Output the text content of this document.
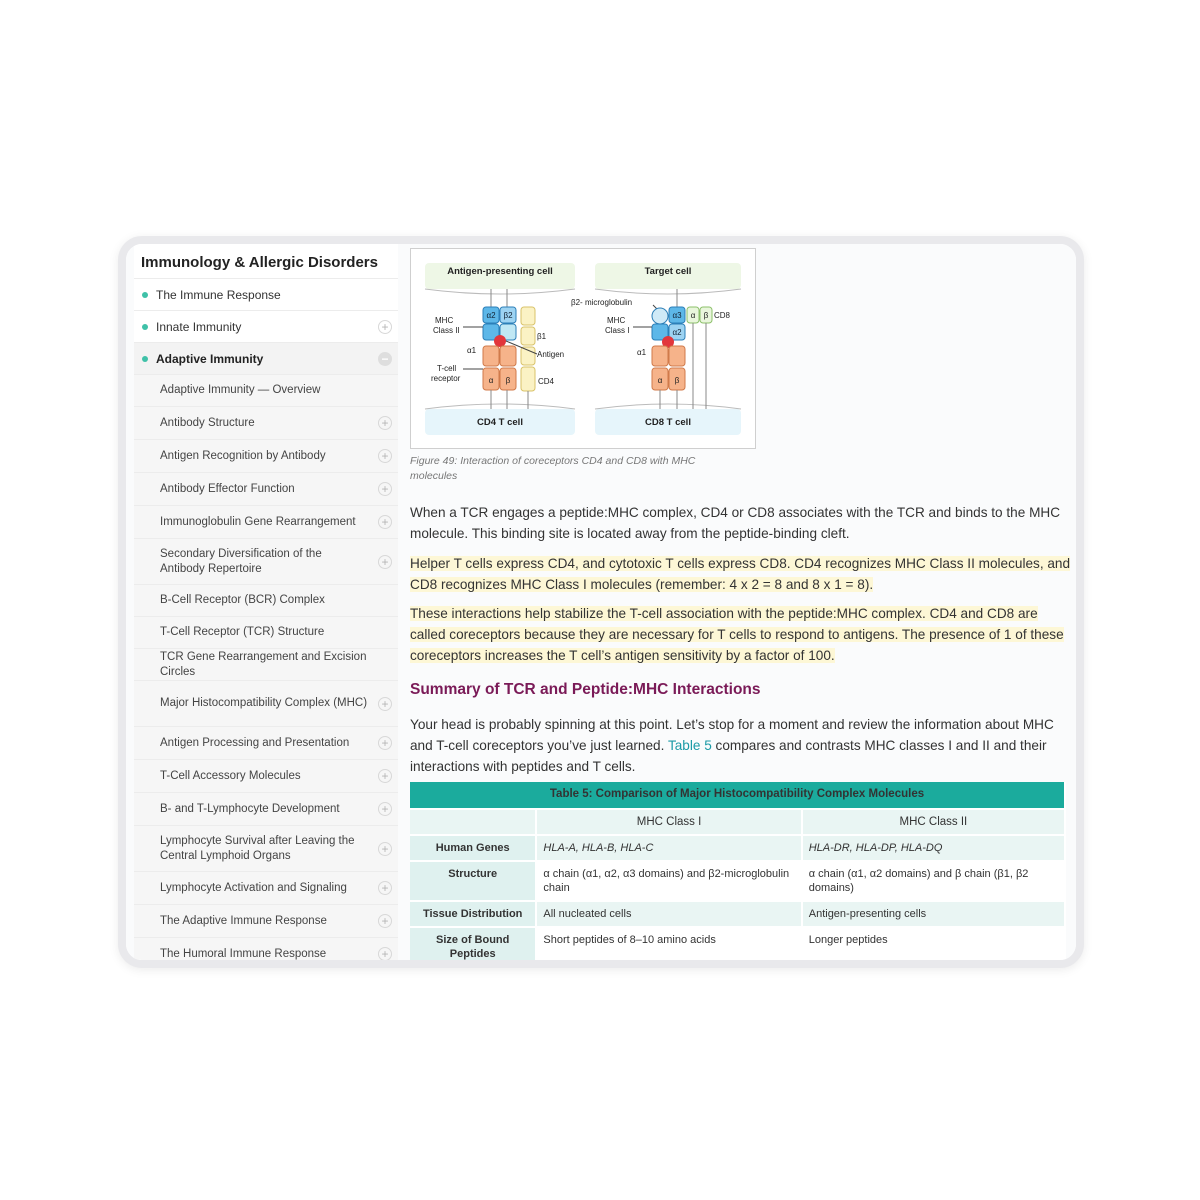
Immunology & Allergic Disorders
The Immune Response
Innate Immunity	+
Adaptive Immunity	−
Adaptive Immunity — Overview
Antibody Structure	+
Antigen Recognition by Antibody	+
Antibody Effector Function	+
Immunoglobulin Gene Rearrangement +
Secondary Diversification of the Antibody Repertoire	+
B-Cell Receptor (BCR) Complex
T-Cell Receptor (TCR) Structure
TCR Gene Rearrangement and Excision Circles
Major Histocompatibility Complex (MHC) +
Antigen Processing and Presentation	+
T-Cell Accessory Molecules	+
B- and T-Lymphocyte Development	+
Lymphocyte Survival after Leaving the Central Lymphoid Organs	+
Lymphocyte Activation and Signaling	+
The Adaptive Immune Response	+
The Humoral Immune Response	+
Antigen-presenting cell
CD4 T cell
α2 β2
α β
MHC
Class II
α1
T-cell
receptor
β1
Antigen
CD4
Target cell
CD8 T cell
β2- microglobulin
α3
α2
α β
α β CD8
MHC
Class I
α1
Figure 49: Interaction of coreceptors CD4 and CD8 with MHC molecules

When a TCR engages a peptide:MHC complex, CD4 or CD8 associates with the TCR and binds to the MHC molecule. This binding site is located away from the peptide-binding cleft.

Helper T cells express CD4, and cytotoxic T cells express CD8. CD4 recognizes MHC Class II molecules, and CD8 recognizes MHC Class I molecules (remember: 4 x 2 = 8 and 8 x 1 = 8).

These interactions help stabilize the T-cell association with the peptide:MHC complex. CD4 and CD8 are called coreceptors because they are necessary for T cells to respond to antigens. The presence of 1 of these coreceptors increases the T cell’s antigen sensitivity by a factor of 100.

Summary of TCR and Peptide:MHC Interactions

Your head is probably spinning at this point. Let’s stop for a moment and review the information about MHC and T-cell coreceptors you’ve just learned. Table 5 compares and contrasts MHC classes I and II and their interactions with peptides and T cells.

Table 5: Comparison of Major Histocompatibility Complex Molecules		
	MHC Class I	MHC Class II
Human Genes	HLA-A, HLA-B, HLA-C	HLA-DR, HLA-DP, HLA-DQ
Structure	α chain (α1, α2, α3 domains) and β2-microglobulin chain	α chain (α1, α2 domains) and β chain (β1, β2 domains)
Tissue Distribution	All nucleated cells	Antigen-presenting cells
Size of Bound Peptides	Short peptides of 8–10 amino acids	Longer peptides
